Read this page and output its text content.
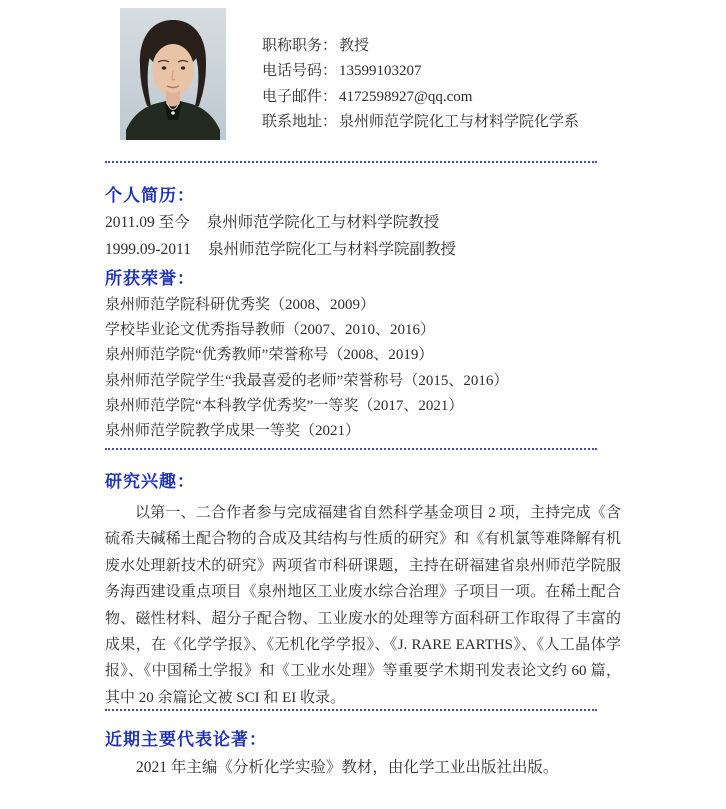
职称职务： 教授
电话号码： 13599103207
电子邮件： 4172598927@qq.com
联系地址： 泉州师范学院化工与材料学院化学系
个人简历：
2011.09 至今 泉州师范学院化工与材料学院教授
1999.09-2011 泉州师范学院化工与材料学院副教授
所获荣誉：
泉州师范学院科研优秀奖（2008、2009）
学校毕业论文优秀指导教师（2007、2010、2016）
泉州师范学院“优秀教师”荣誉称号（2008、2019）
泉州师范学院学生“我最喜爱的老师”荣誉称号（2015、2016）
泉州师范学院“本科教学优秀奖”一等奖（2017、2021）
泉州师范学院教学成果一等奖（2021）
研究兴趣：

以第一、二合作者参与完成福建省自然科学基金项目 2 项，主持完成《含硫希夫碱稀土配合物的合成及其结构与性质的研究》和《有机氯等难降解有机废水处理新技术的研究》两项省市科研课题，主持在研福建省泉州师范学院服务海西建设重点项目《泉州地区工业废水综合治理》子项目一项。在稀土配合物、磁性材料、超分子配合物、工业废水的处理等方面科研工作取得了丰富的成果，在《化学学报》、《无机化学学报》、《J. RARE EARTHS》、《人工晶体学报》、《中国稀土学报》和《工业水处理》等重要学术期刊发表论文约 60 篇，其中 20 余篇论文被 SCI 和 EI 收录。

近期主要代表论著：

2021 年主编《分析化学实验》教材，由化学工业出版社出版。
